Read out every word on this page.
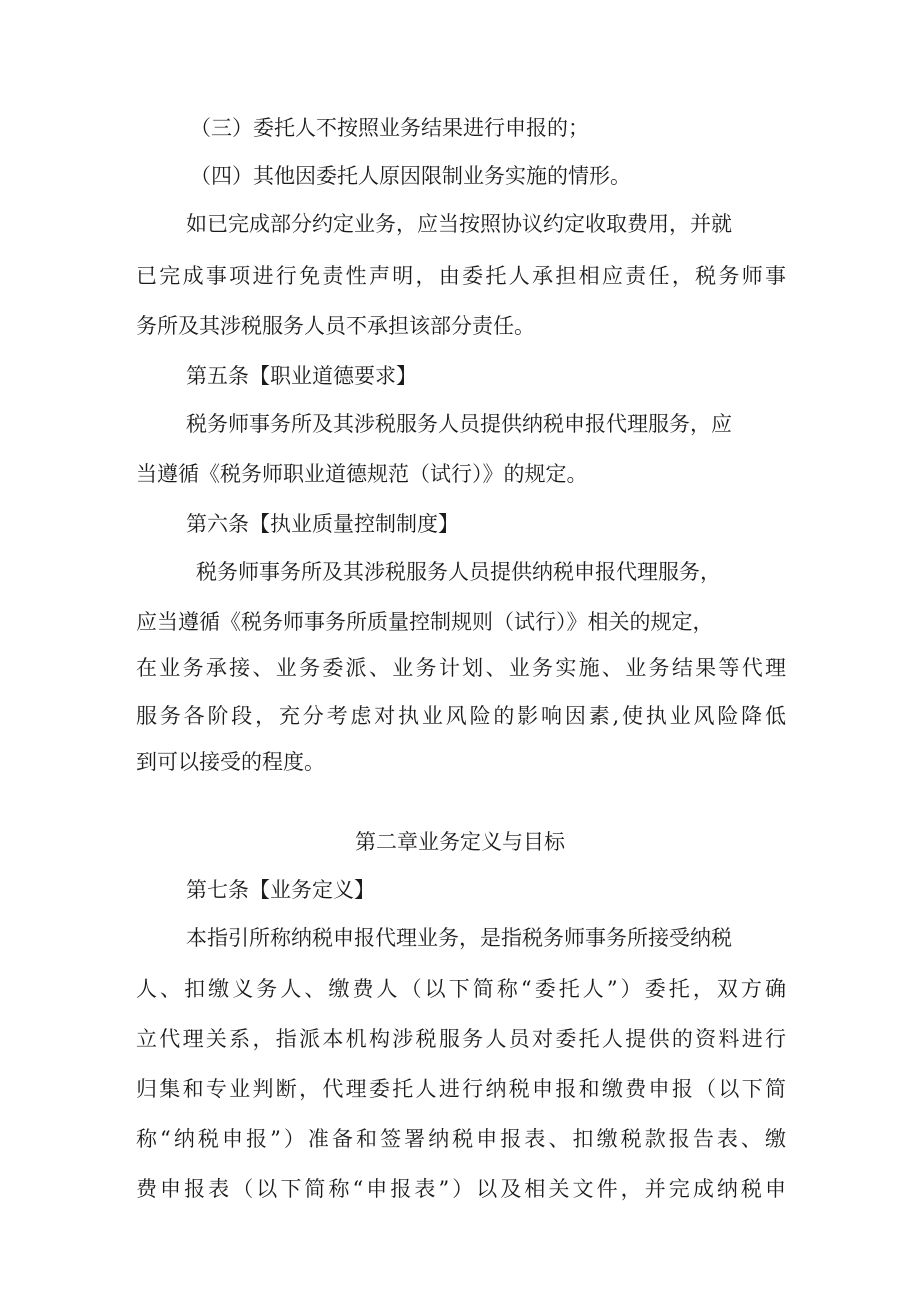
（三）委托人不按照业务结果进行申报的；
（四）其他因委托人原因限制业务实施的情形。
如已完成部分约定业务，应当按照协议约定收取费用，并就
已完成事项进行免责性声明，由委托人承担相应责任，税务师事
务所及其涉税服务人员不承担该部分责任。
第五条【职业道德要求】
税务师事务所及其涉税服务人员提供纳税申报代理服务，应
当遵循《税务师职业道德规范（试行）》的规定。
第六条【执业质量控制制度】
税务师事务所及其涉税服务人员提供纳税申报代理服务，
应当遵循《税务师事务所质量控制规则（试行）》相关的规定，
在业务承接、业务委派、业务计划、业务实施、业务结果等代理
服务各阶段，充分考虑对执业风险的影响因素,使执业风险降低
到可以接受的程度。
第二章业务定义与目标
第七条【业务定义】
本指引所称纳税申报代理业务，是指税务师事务所接受纳税
人、扣缴义务人、缴费人（以下简称“委托人”）委托，双方确
立代理关系，指派本机构涉税服务人员对委托人提供的资料进行
归集和专业判断，代理委托人进行纳税申报和缴费申报（以下简
称“纳税申报”）准备和签署纳税申报表、扣缴税款报告表、缴
费申报表（以下简称“申报表”）以及相关文件，并完成纳税申
